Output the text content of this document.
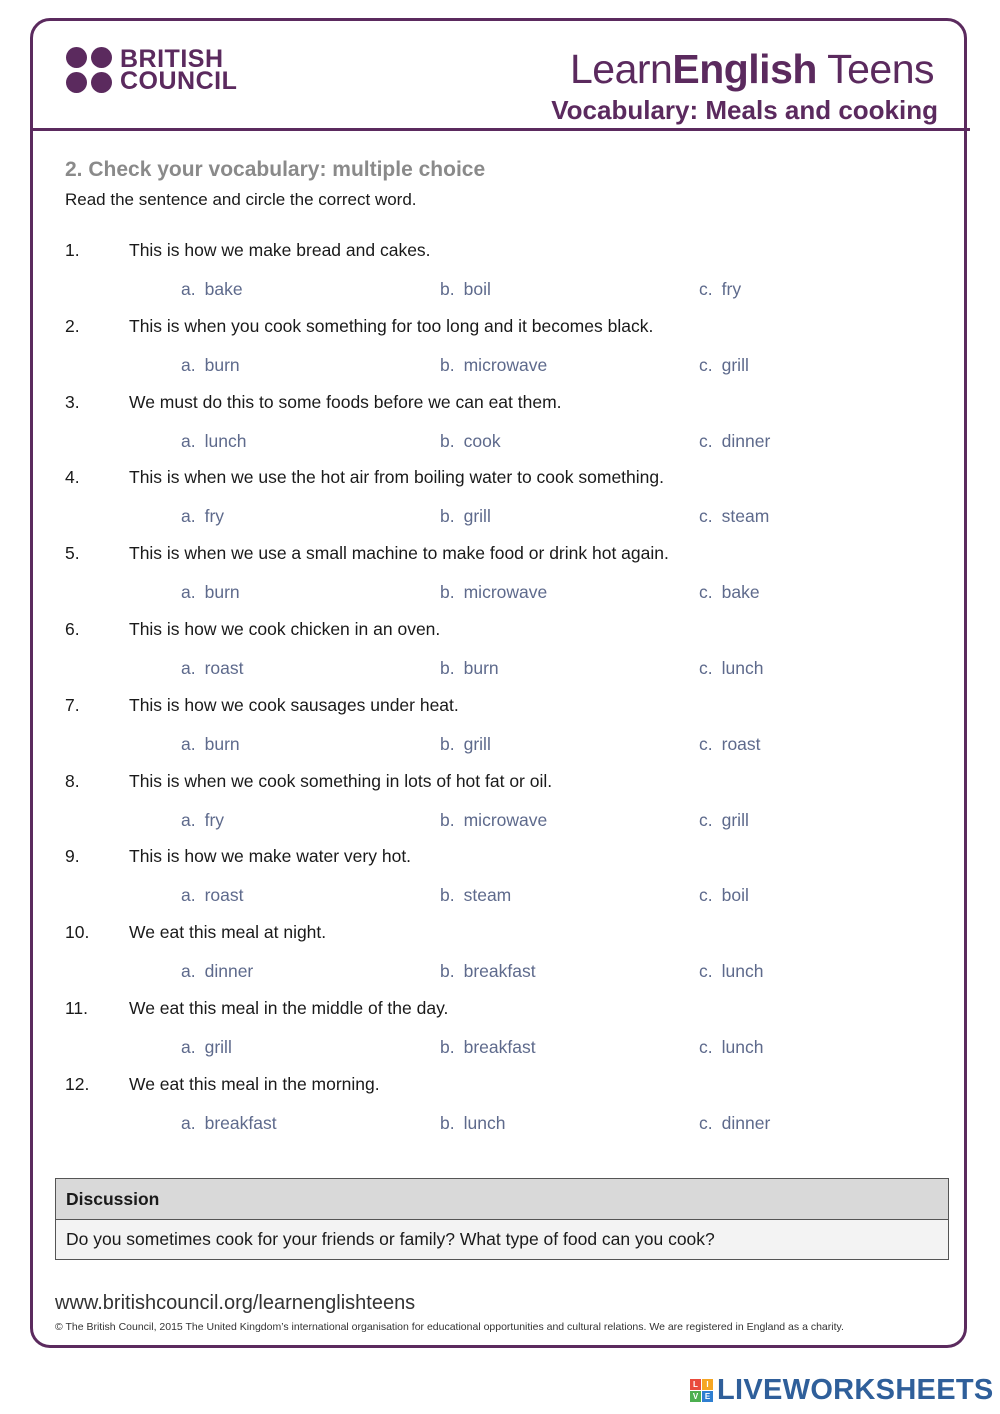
BRITISH
COUNCIL	LearnEnglish Teens
Vocabulary: Meals and cooking
2. Check your vocabulary: multiple choice
Read the sentence and circle the correct word.
1.	This is how we make bread and cakes.
a. bake	b. boil	c. fry
2.	This is when you cook something for too long and it becomes black.
a. burn	b. microwave	c. grill
3.	We must do this to some foods before we can eat them.
a. lunch	b. cook	c. dinner
4.	This is when we use the hot air from boiling water to cook something.
a. fry	b. grill	c. steam
5.	This is when we use a small machine to make food or drink hot again.
a. burn	b. microwave	c. bake
6.	This is how we cook chicken in an oven.
a. roast	b. burn	c. lunch
7.	This is how we cook sausages under heat.
a. burn	b. grill	c. roast
8.	This is when we cook something in lots of hot fat or oil.
a. fry	b. microwave	c. grill
9.	This is how we make water very hot.
a. roast	b. steam	c. boil
10. We eat this meal at night.
a. dinner	b. breakfast	c. lunch
11. We eat this meal in the middle of the day.
a. grill	b. breakfast	c. lunch
12. We eat this meal in the morning.
a. breakfast	b. lunch	c. dinner
Discussion
Do you sometimes cook for your friends or family? What type of food can you cook?
www.britishcouncil.org/learnenglishteens
© The British Council, 2015 The United Kingdom’s international organisation for educational opportunities and cultural relations. We are registered in England as a charity.
L	I
V E LIVEWORKSHEETS
